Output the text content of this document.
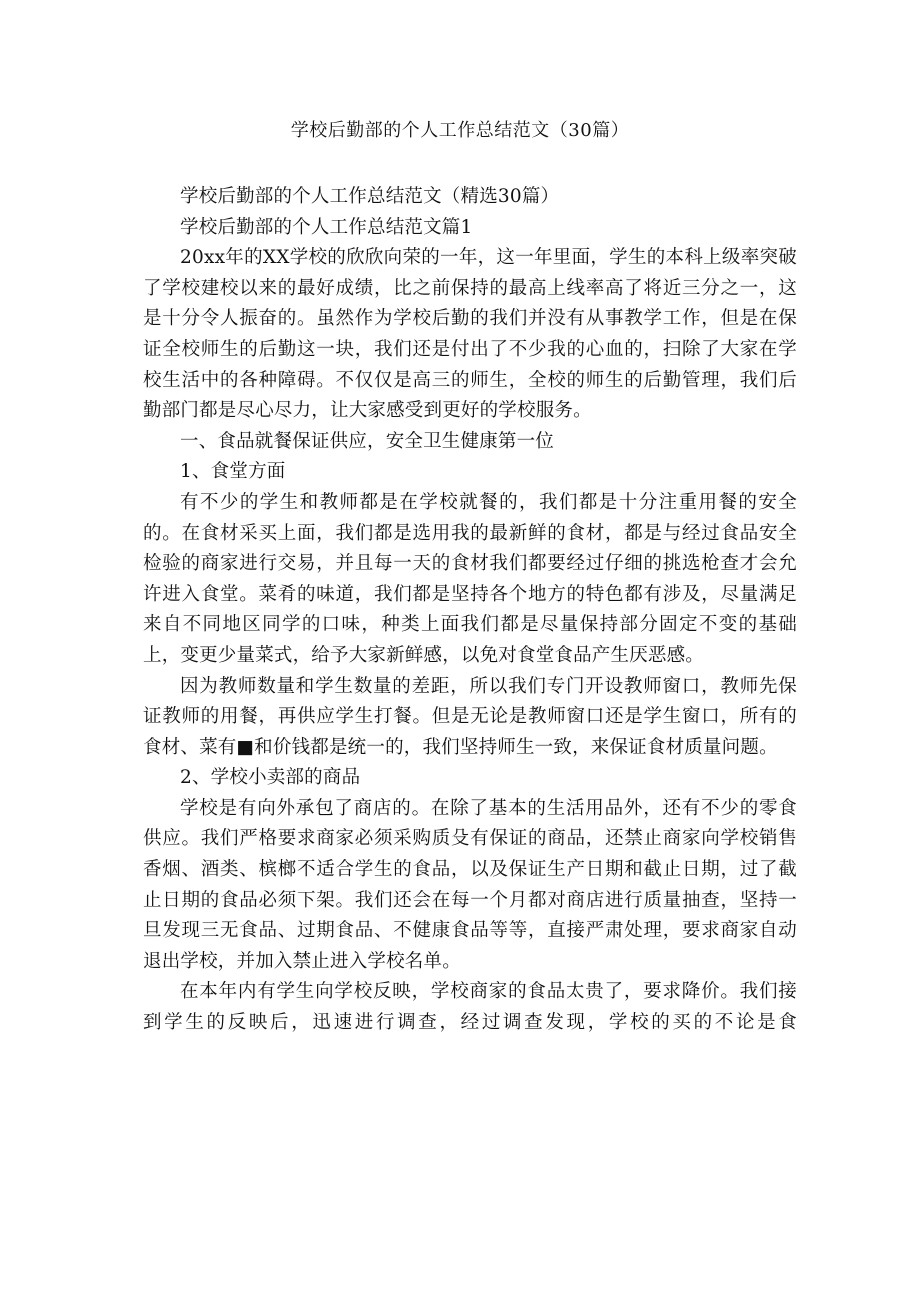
学校后勤部的个人工作总结范文（30篇）

学校后勤部的个人工作总结范文（精选30篇）

学校后勤部的个人工作总结范文篇1

20xx年的XX学校的欣欣向荣的一年，这一年里面，学生的本科上级率突破了学校建校以来的最好成绩，比之前保持的最高上线率高了将近三分之一，这是十分令人振奋的。虽然作为学校后勤的我们并没有从事教学工作，但是在保证全校师生的后勤这一块，我们还是付出了不少我的心血的，扫除了大家在学校生活中的各种障碍。不仅仅是高三的师生，全校的师生的后勤管理，我们后勤部门都是尽心尽力，让大家感受到更好的学校服务。

一、食品就餐保证供应，安全卫生健康第一位

1、食堂方面

有不少的学生和教师都是在学校就餐的，我们都是十分注重用餐的安全的。在食材采买上面，我们都是选用我的最新鲜的食材，都是与经过食品安全检验的商家进行交易，并且每一天的食材我们都要经过仔细的挑选枪查才会允许进入食堂。菜肴的味道，我们都是坚持各个地方的特色都有涉及，尽量满足来自不同地区同学的口味，种类上面我们都是尽量保持部分固定不变的基础上，变更少量菜式，给予大家新鲜感，以免对食堂食品产生厌恶感。

因为教师数量和学生数量的差距，所以我们专门开设教师窗口，教师先保证教师的用餐，再供应学生打餐。但是无论是教师窗口还是学生窗口，所有的食材、菜有■和价钱都是统一的，我们坚持师生一致，来保证食材质量问题。

2、学校小卖部的商品

学校是有向外承包了商店的。在除了基本的生活用品外，还有不少的零食供应。我们严格要求商家必须采购质殳有保证的商品，还禁止商家向学校销售香烟、酒类、槟榔不适合学生的食品，以及保证生产日期和截止日期，过了截止日期的食品必须下架。我们还会在每一个月都对商店进行质量抽查，坚持一旦发现三无食品、过期食品、不健康食品等等，直接严肃处理，要求商家自动退出学校，并加入禁止进入学校名单。

在本年内有学生向学校反映，学校商家的食品太贵了，要求降价。我们接到学生的反映后，迅速进行调查，经过调查发现，学校的买的不论是食
